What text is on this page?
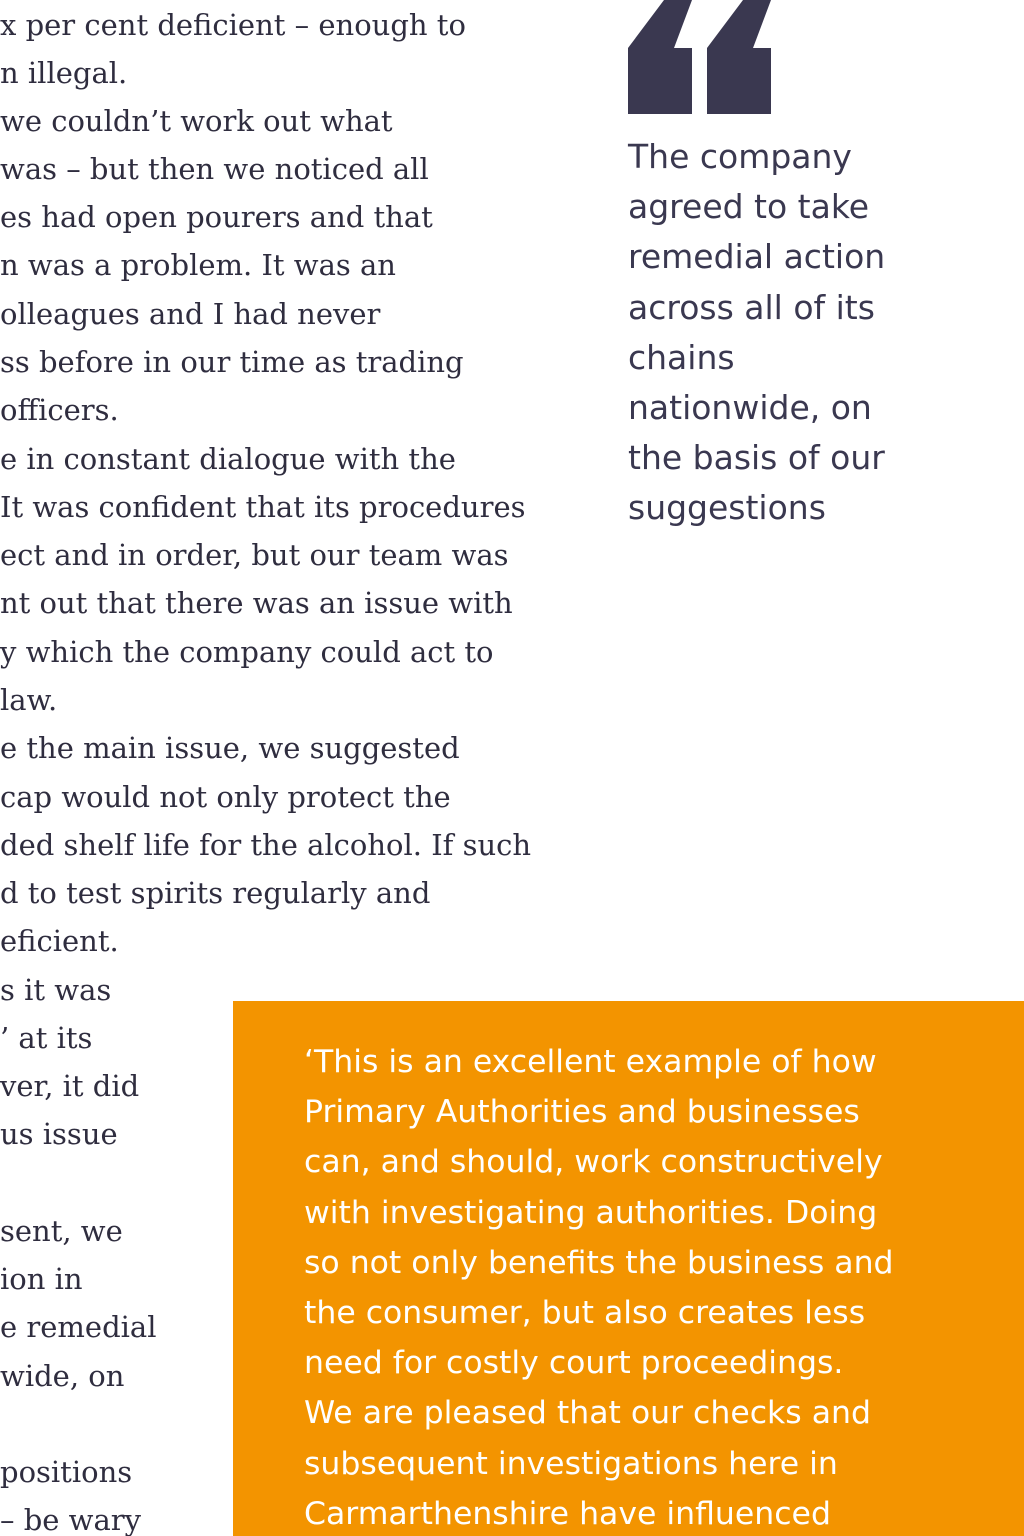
x per cent deficient – enough to
n illegal.
we couldn’t work out what
was – but then we noticed all
es had open pourers and that
n was a problem. It was an
olleagues and I had never
ss before in our time as trading
officers.
e in constant dialogue with the
It was confident that its procedures
ect and in order, but our team was
nt out that there was an issue with
y which the company could act to
law.
e the main issue, we suggested
cap would not only protect the
ded shelf life for the alcohol. If such
d to test spirits regularly and
eficient.
s it was
’ at its
ver, it did
us issue
sent, we
ion in
e remedial
wide, on
positions
– be wary
The company
agreed to take
remedial action
across all of its
chains
nationwide, on
the basis of our
suggestions
‘This is an excellent example of how
Primary Authorities and businesses
can, and should, work constructively
with investigating authorities. Doing
so not only benefits the business and
the consumer, but also creates less
need for costly court proceedings.
We are pleased that our checks and
subsequent investigations here in
Carmarthenshire have influenced
